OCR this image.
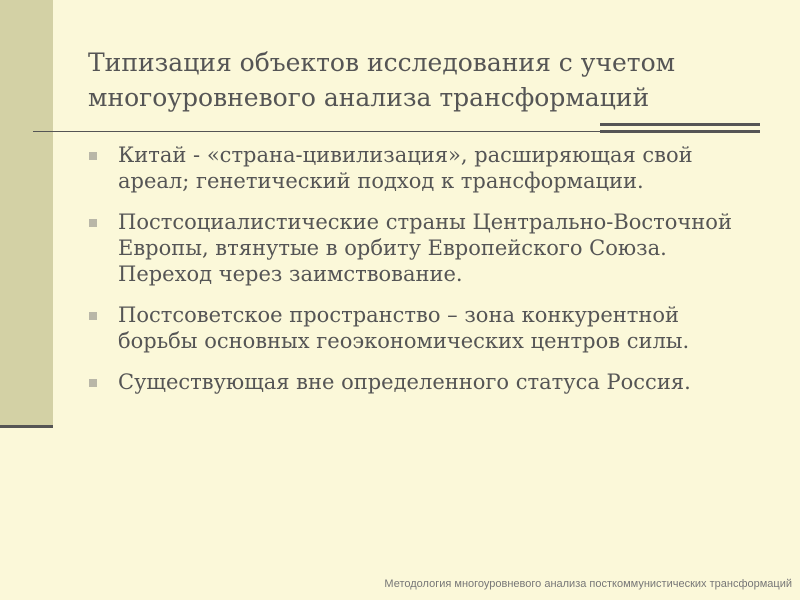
Типизация объектов исследования с учетом многоуровневого анализа трансформаций
Китай - «страна-цивилизация», расширяющая свой ареал; генетический подход к трансформации.
Постсоциалистические страны Центрально-Восточной Европы, втянутые в орбиту Европейского Союза. Переход через заимствование.
Постсоветское пространство – зона конкурентной борьбы основных геоэкономических центров силы.
Существующая вне определенного статуса Россия.
Методология многоуровневого анализа посткоммунистических трансформаций
